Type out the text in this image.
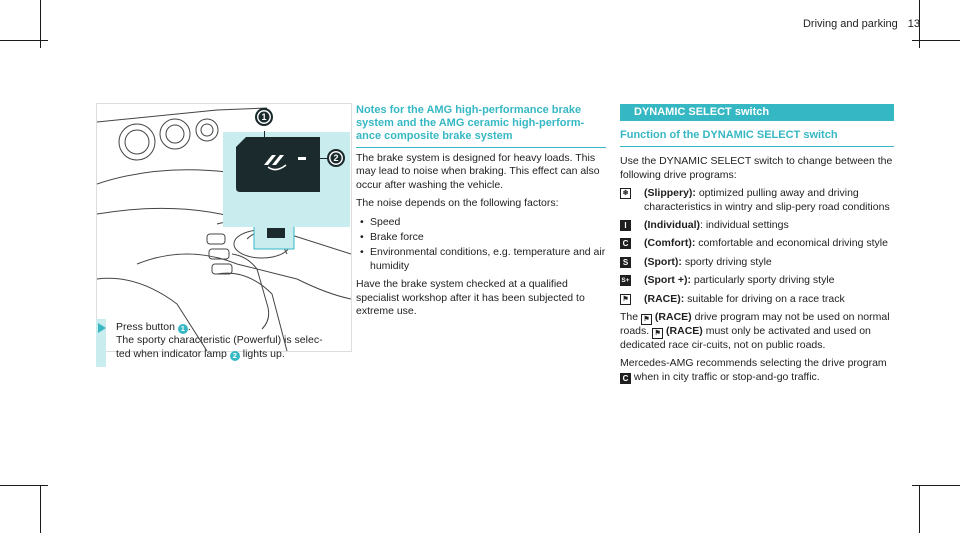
Driving and parking 13
1
2
Press button 1 .
The sporty characteristic (Powerful) is selec-
ted when indicator lamp 2 lights up.
Notes for the AMG high-performance brake system and the AMG ceramic high-perform-ance composite brake system

The brake system is designed for heavy loads. This may lead to noise when braking. This effect can also occur after washing the vehicle.

The noise depends on the following factors:

• Speed
• Brake force
• Environmental conditions, e.g. temperature and air humidity

Have the brake system checked at a qualified specialist workshop after it has been subjected to extreme use.

DYNAMIC SELECT switch
Function of the DYNAMIC SELECT switch

Use the DYNAMIC SELECT switch to change between the following drive programs:

❄ (Slippery): optimized pulling away and driving characteristics in wintry and slip-pery road conditions
I	(Individual): individual settings
C (Comfort): comfortable and economical driving style
S (Sport): sporty driving style
S+ (Sport +): particularly sporty driving style
⚑ (RACE): suitable for driving on a race track

The ⚑ (RACE) drive program may not be used on normal roads. ⚑ (RACE) must only be activated and used on dedicated race cir-cuits, not on public roads.

Mercedes-AMG recommends selecting the drive program C when in city traffic or stop-and-go traffic.
